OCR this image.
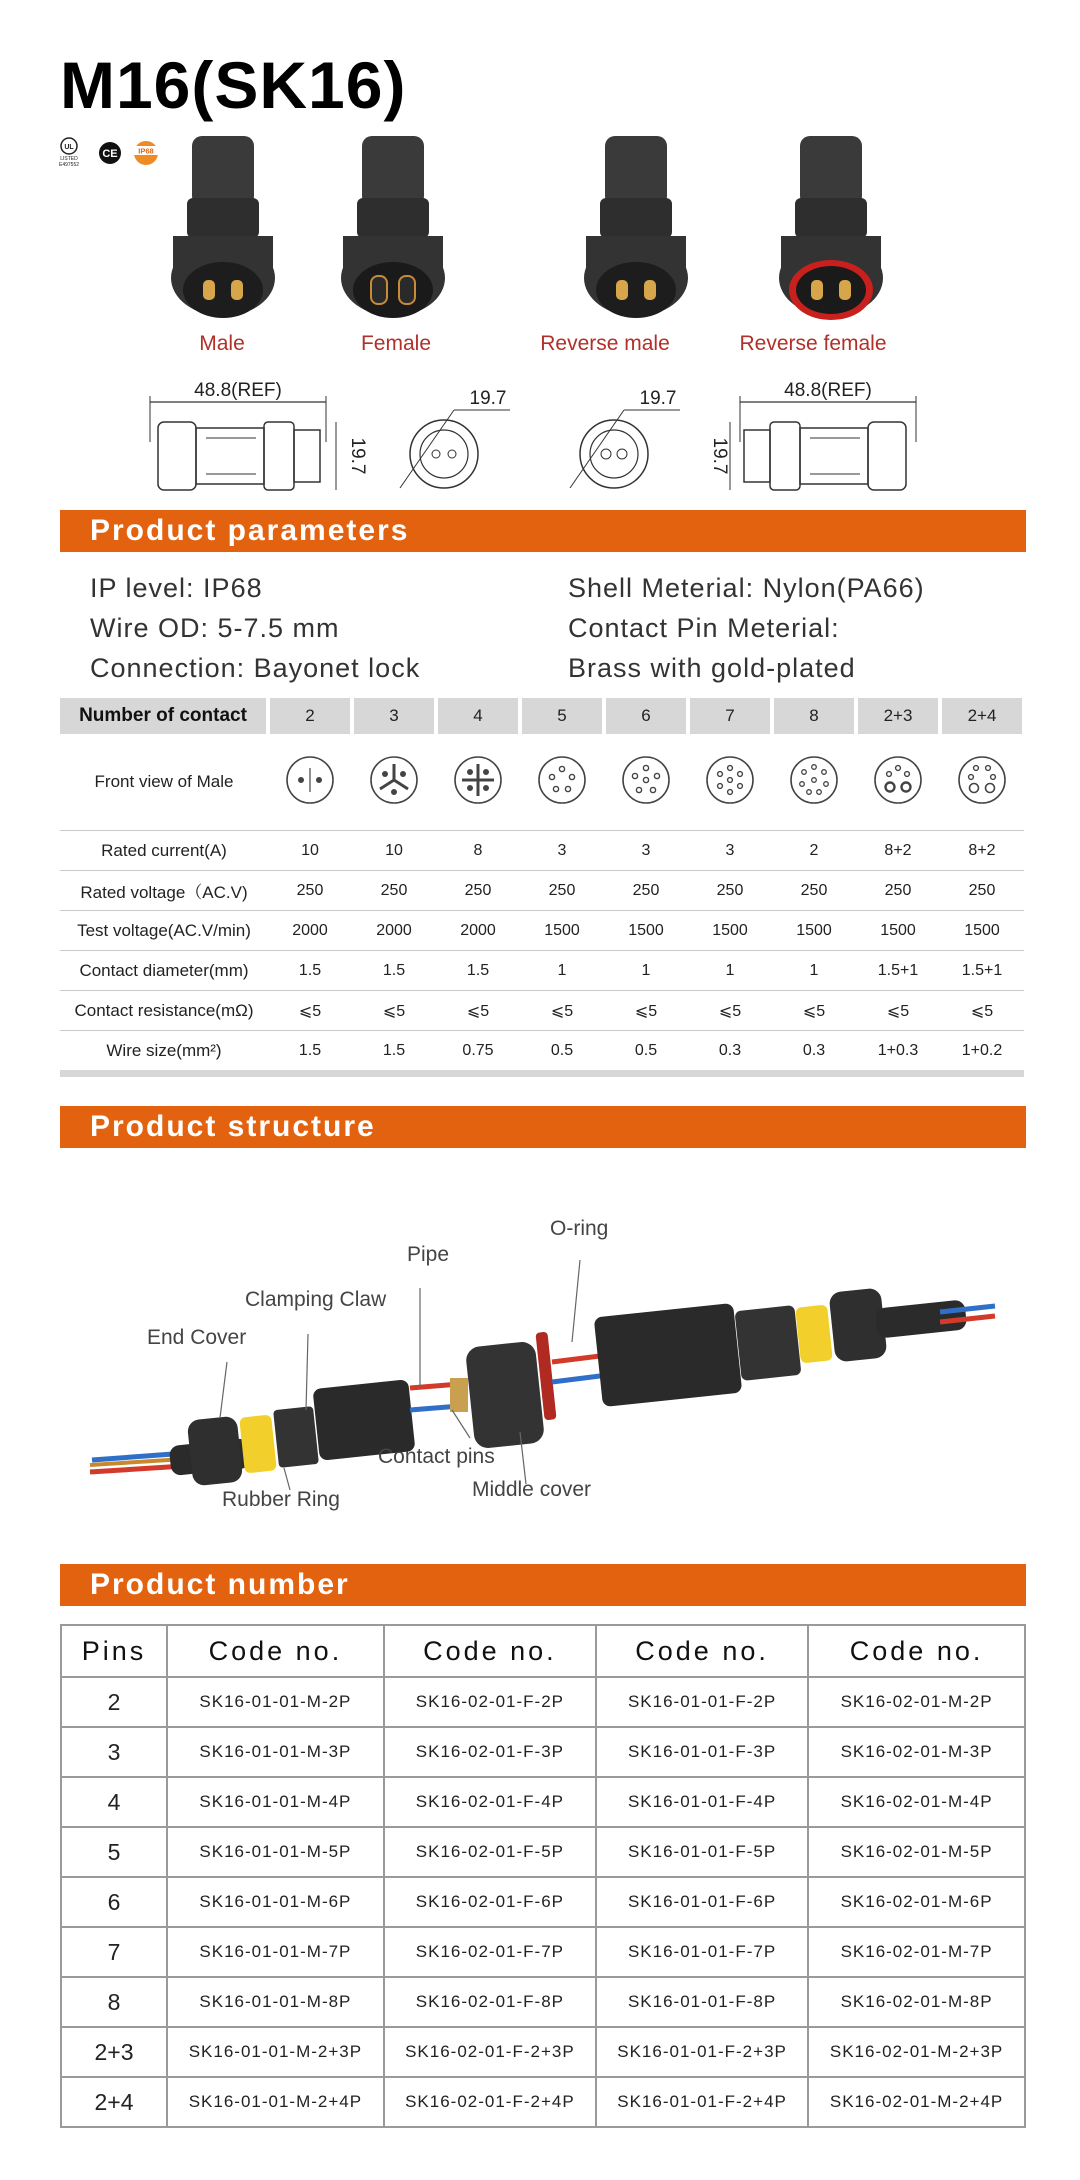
M16(SK16)
UL
LISTED
E497552
CE	IP68
Male	Female	Reverse male	Reverse female
48.8(REF)
19.7
19.7	19.7	48.8(REF)
19.7
Product parameters
IP level: IP68
Wire OD: 5-7.5 mm
Connection: Bayonet lock
Shell Meterial: Nylon(PA66)
Contact Pin Meterial:
Brass with gold-plated
Number of contact	2	3	4	5	6	7	8	2+3	2+4
Front view of Male									
Rated current(A)	10	10	8	3	3	3	2	8+2	8+2
Rated voltage（AC.V)	250	250	250	250	250	250	250	250	250
Test voltage(AC.V/min)	2000	2000	2000	1500	1500	1500	1500	1500	1500
Contact diameter(mm)	1.5	1.5	1.5	1	1	1	1	1.5+1	1.5+1
Contact resistance(mΩ)	⩽5	⩽5	⩽5	⩽5	⩽5	⩽5	⩽5	⩽5	⩽5
Wire size(mm²)	1.5	1.5	0.75	0.5	0.5	0.3	0.3	1+0.3	1+0.2
Product structure
End Cover
Clamping Claw
Pipe
O-ring
Contact pins
Middle cover
Rubber Ring
Product number
Pins	Code no.	Code no.	Code no.	Code no.
2	SK16-01-01-M-2P	SK16-02-01-F-2P	SK16-01-01-F-2P	SK16-02-01-M-2P
3	SK16-01-01-M-3P	SK16-02-01-F-3P	SK16-01-01-F-3P	SK16-02-01-M-3P
4	SK16-01-01-M-4P	SK16-02-01-F-4P	SK16-01-01-F-4P	SK16-02-01-M-4P
5	SK16-01-01-M-5P	SK16-02-01-F-5P	SK16-01-01-F-5P	SK16-02-01-M-5P
6	SK16-01-01-M-6P	SK16-02-01-F-6P	SK16-01-01-F-6P	SK16-02-01-M-6P
7	SK16-01-01-M-7P	SK16-02-01-F-7P	SK16-01-01-F-7P	SK16-02-01-M-7P
8	SK16-01-01-M-8P	SK16-02-01-F-8P	SK16-01-01-F-8P	SK16-02-01-M-8P
2+3	SK16-01-01-M-2+3P	SK16-02-01-F-2+3P	SK16-01-01-F-2+3P	SK16-02-01-M-2+3P
2+4	SK16-01-01-M-2+4P	SK16-02-01-F-2+4P	SK16-01-01-F-2+4P	SK16-02-01-M-2+4P
